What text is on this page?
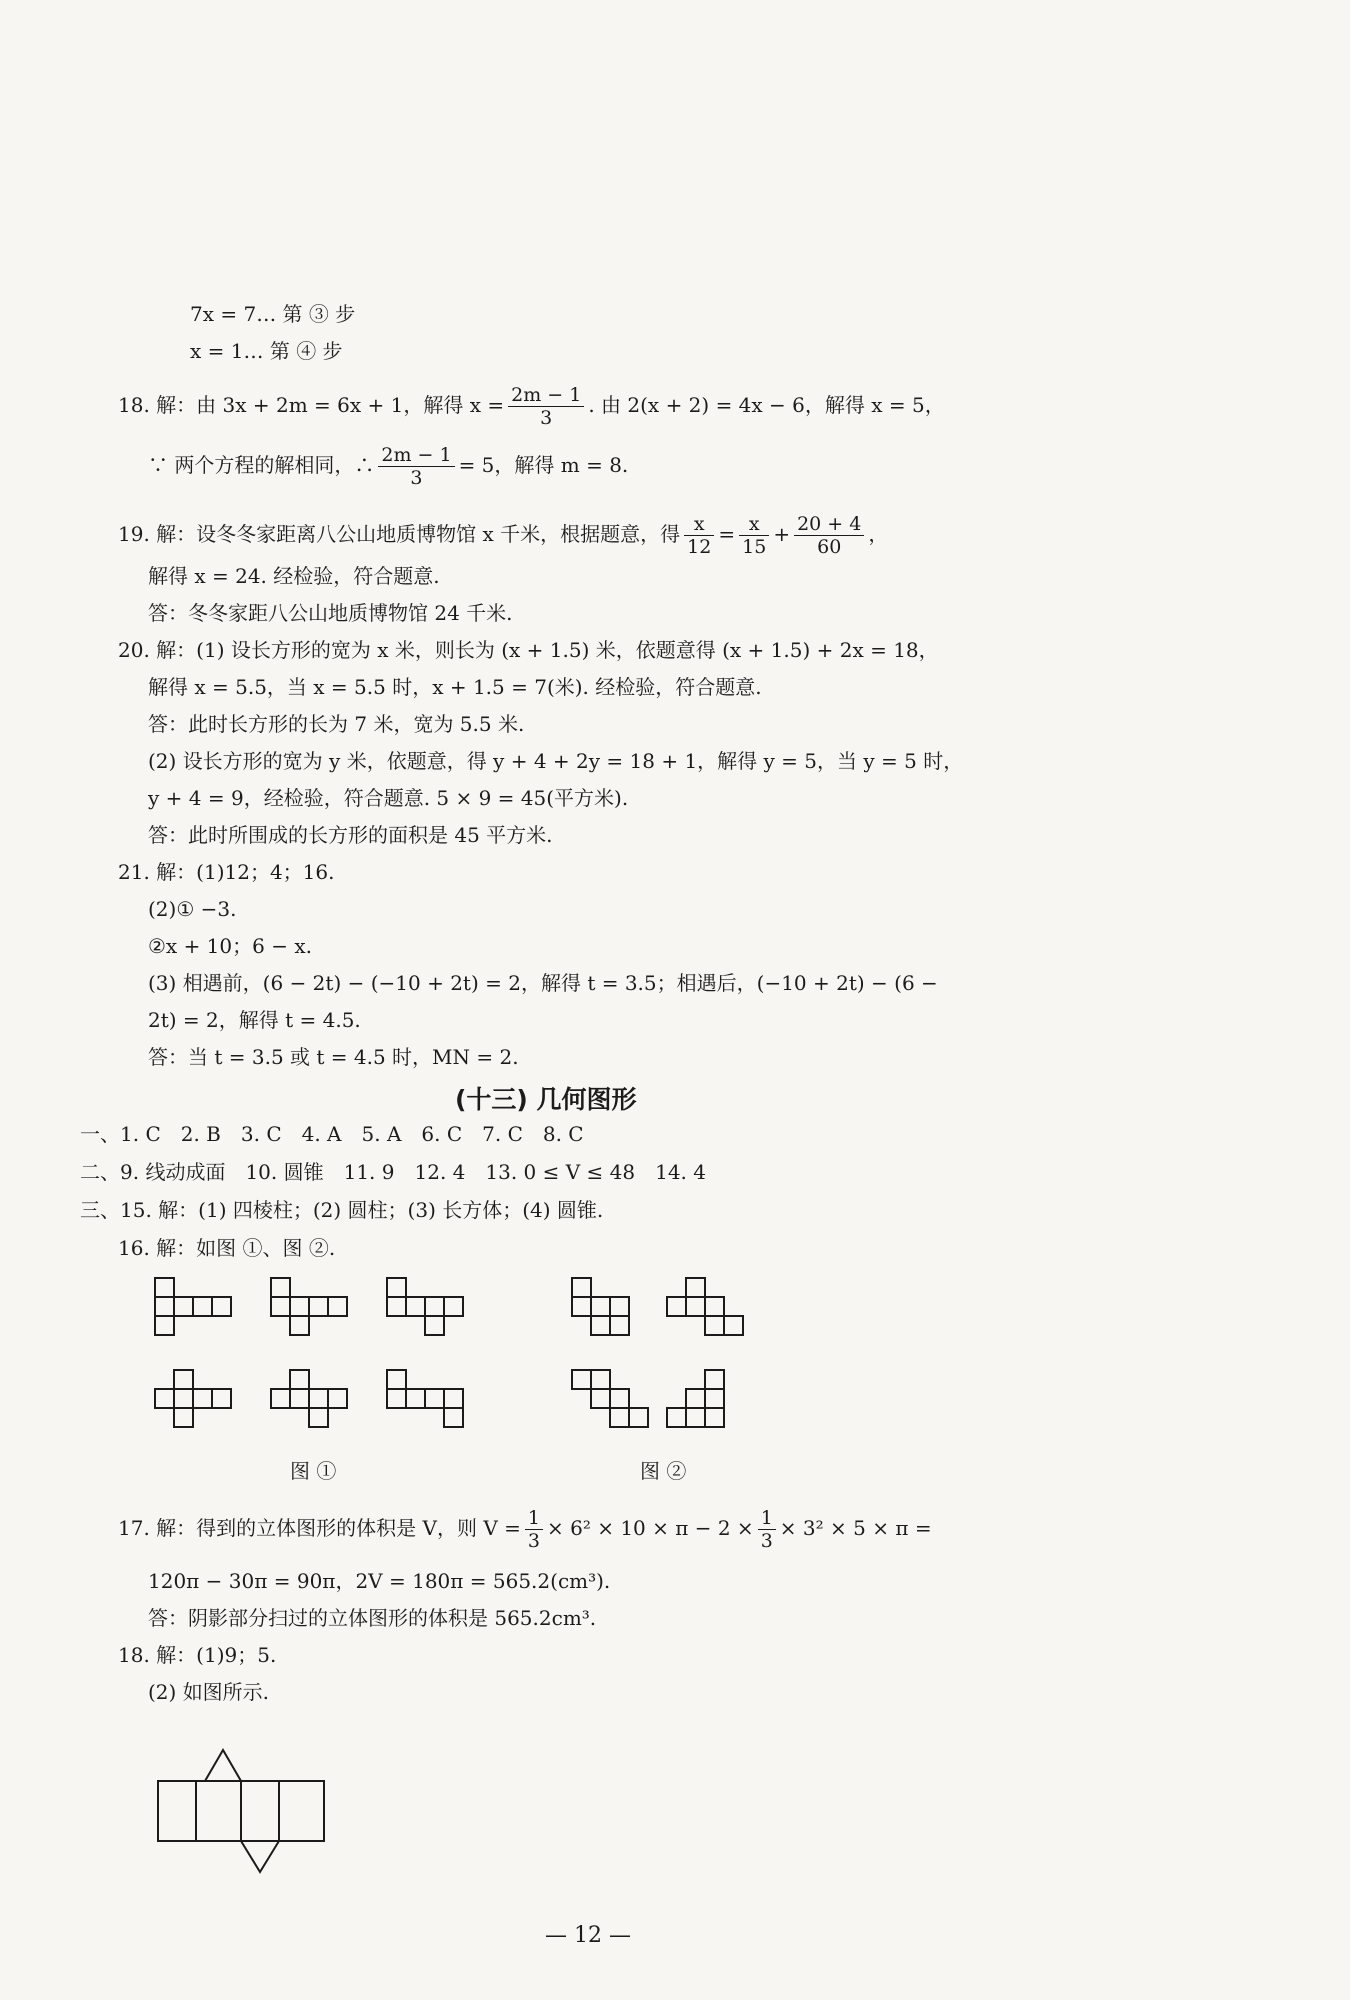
7x = 7… 第 ③ 步
x = 1… 第 ④ 步
18. 解：由 3x + 2m = 6x + 1，解得 $x = \frac{2m - 1}{3}$ . 由 2(x + 2) = 4x − 6，解得 x = 5，
∵ 两个方程的解相同，∴ $\frac{2m - 1}{3} = 5$，解得 m = 8.
19. 解：设冬冬家距离八公山地质博物馆 x 千米，根据题意，得 $\frac{x}{12} = \frac{x}{15} + \frac{20 + 4}{60}$ ，
解得 x = 24. 经检验，符合题意.
答：冬冬家距八公山地质博物馆 24 千米.
20. 解：(1) 设长方形的宽为 x 米，则长为 (x + 1.5) 米，依题意得 (x + 1.5) + 2x = 18，
解得 x = 5.5，当 x = 5.5 时，x + 1.5 = 7(米). 经检验，符合题意.
答：此时长方形的长为 7 米，宽为 5.5 米.
(2) 设长方形的宽为 y 米，依题意，得 y + 4 + 2y = 18 + 1，解得 y = 5，当 y = 5 时，
y + 4 = 9，经检验，符合题意. 5 × 9 = 45(平方米).
答：此时所围成的长方形的面积是 45 平方米.
21. 解：(1)12；4；16.
(2)① −3.
②x + 10；6 − x.
(3) 相遇前，(6 − 2t) − (−10 + 2t) = 2，解得 t = 3.5；相遇后，(−10 + 2t) − (6 −
2t) = 2，解得 t = 4.5.
答：当 t = 3.5 或 t = 4.5 时，MN = 2.
(十三) 几何图形
一、1. C　2. B　3. C　4. A　5. A　6. C　7. C　8. C
二、9. 线动成面　10. 圆锥　11. 9　12. 4　13. 0 ≤ V ≤ 48　14. 4
三、15. 解：(1) 四棱柱；(2) 圆柱；(3) 长方体；(4) 圆锥.
16. 解：如图 ①、图 ②.
图 ①	图 ②
17. 解：得到的立体图形的体积是 V，则 $V = \frac{1}{3} \times 6^2 \times 10 \times \pi - 2 \times \frac{1}{3} \times 3^2 \times 5 \times \pi$ =
120π − 30π = 90π，2V = 180π = 565.2(cm³).
答：阴影部分扫过的立体图形的体积是 565.2cm³.
18. 解：(1)9；5.
(2) 如图所示.
— 12 —
